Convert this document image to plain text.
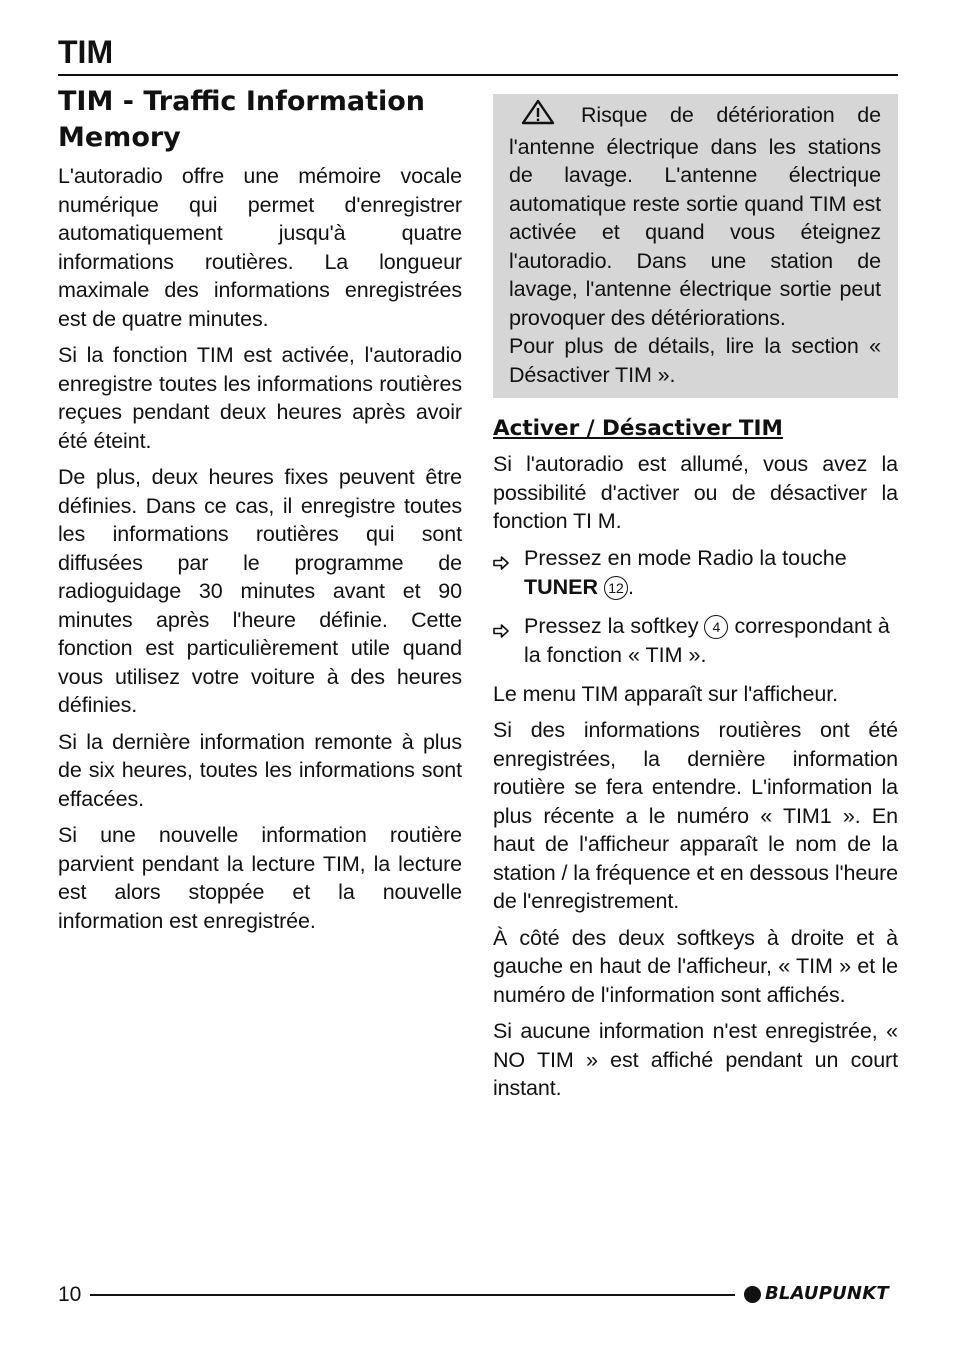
TIM
TIM - Traffic Information Memory

L'autoradio offre une mémoire vocale numérique qui permet d'enregistrer automatiquement jusqu'à quatre informations routières. La longueur maximale des informations enregistrées est de quatre minutes.

Si la fonction TIM est activée, l'autoradio enregistre toutes les informations routières reçues pendant deux heures après avoir été éteint.

De plus, deux heures fixes peuvent être définies. Dans ce cas, il enregistre toutes les informations routières qui sont diffusées par le programme de radioguidage 30 minutes avant et 90 minutes après l'heure définie. Cette fonction est particulièrement utile quand vous utilisez votre voiture à des heures définies.

Si la dernière information remonte à plus de six heures, toutes les informations sont effacées.

Si une nouvelle information routière parvient pendant la lecture TIM, la lecture est alors stoppée et la nouvelle information est enregistrée.

Risque de détérioration de l'antenne électrique dans les stations de lavage. L'antenne électrique automatique reste sortie quand TIM est activée et quand vous éteignez l'autoradio. Dans une station de lavage, l'antenne électrique sortie peut provoquer des détériorations.

Pour plus de détails, lire la section « Désactiver TIM ».

Activer / Désactiver TIM

Si l'autoradio est allumé, vous avez la possibilité d'activer ou de désactiver la fonction TI M.

Pressez en mode Radio la touche
TUNER 12 .
Pressez la softkey 4 correspondant à la fonction « TIM ».

Le menu TIM apparaît sur l'afficheur.

Si des informations routières ont été enregistrées, la dernière information routière se fera entendre. L'information la plus récente a le numéro « TIM1 ». En haut de l'afficheur apparaît le nom de la station / la fréquence et en dessous l'heure de l'enregistrement.

À côté des deux softkeys à droite et à gauche en haut de l'afficheur, « TIM » et le numéro de l'information sont affichés.

Si aucune information n'est enregistrée, « NO TIM » est affiché pendant un court instant.

10	BLAUPUNKT
